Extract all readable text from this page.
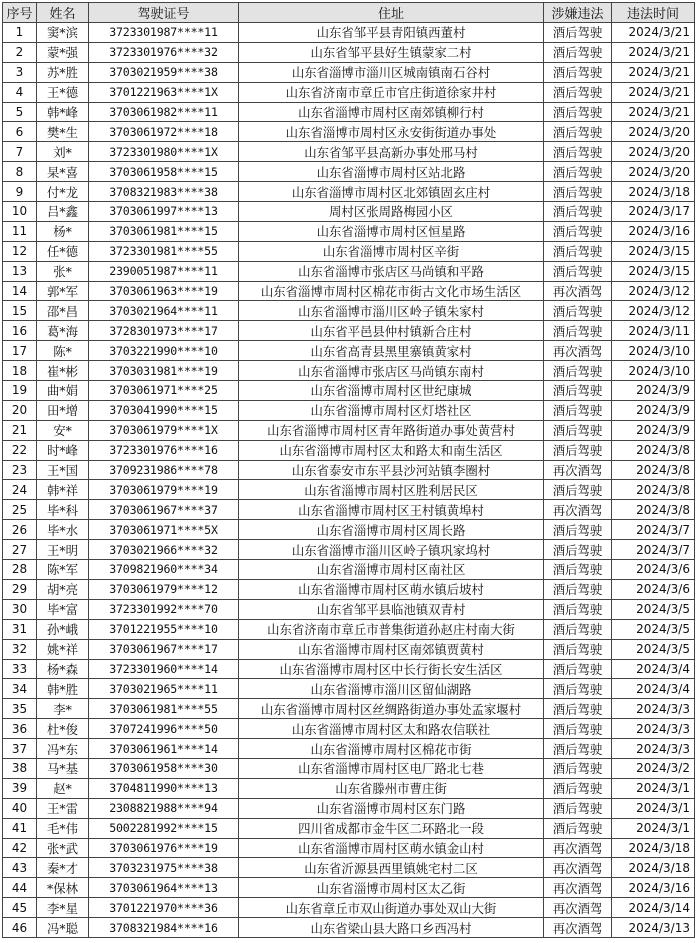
序号	姓名	驾驶证号	住址	涉嫌违法	违法时间
1	窦*滨	3723301987****11	山东省邹平县青阳镇西董村	酒后驾驶	2024/3/21
2	蒙*强	3723301976****32	山东省邹平县好生镇蒙家二村	酒后驾驶	2024/3/21
3	苏*胜	3703021959****38	山东省淄博市淄川区城南镇南石谷村	酒后驾驶	2024/3/21
4	王*德	3701221963****1X	山东省济南市章丘市官庄街道徐家井村	酒后驾驶	2024/3/21
5	韩*峰	3703061982****11	山东省淄博市周村区南郊镇柳行村	酒后驾驶	2024/3/21
6	樊*生	3703061972****18	山东省淄博市周村区永安街街道办事处	酒后驾驶	2024/3/20
7	刘*	3723301980****1X	山东省邹平县高新办事处邢马村	酒后驾驶	2024/3/20
8	杲*喜	3703061958****15	山东省淄博市周村区站北路	酒后驾驶	2024/3/20
9	付*龙	3708321983****38	山东省淄博市周村区北郊镇固玄庄村	酒后驾驶	2024/3/18
10	吕*鑫	3703061997****13	周村区张周路梅园小区	酒后驾驶	2024/3/17
11	杨*	3703061981****15	山东省淄博市周村区恒星路	酒后驾驶	2024/3/16
12	任*德	3723301981****55	山东省淄博市周村区辛街	酒后驾驶	2024/3/15
13	张*	2390051987****11	山东省淄博市张店区马尚镇和平路	酒后驾驶	2024/3/15
14	郭*军	3703061963****19	山东省淄博市周村区棉花市街古文化市场生活区	再次酒驾	2024/3/12
15	邵*昌	3703021964****11	山东省淄博市淄川区岭子镇朱家村	酒后驾驶	2024/3/12
16	葛*海	3728301973****17	山东省平邑县仲村镇新合庄村	酒后驾驶	2024/3/11
17	陈*	3703221990****10	山东省高青县黑里寨镇黄家村	再次酒驾	2024/3/10
18	崔*彬	3703031981****19	山东省淄博市张店区马尚镇东南村	酒后驾驶	2024/3/10
19	曲*娟	3703061971****25	山东省淄博市周村区世纪康城	酒后驾驶	2024/3/9
20	田*增	3703041990****15	山东省淄博市周村区灯塔社区	酒后驾驶	2024/3/9
21	安*	3703061979****1X	山东省淄博市周村区青年路街道办事处黄营村	酒后驾驶	2024/3/9
22	时*峰	3723301976****16	山东省淄博市周村区太和路太和南生活区	酒后驾驶	2024/3/8
23	王*国	3709231986****78	山东省泰安市东平县沙河站镇李圈村	再次酒驾	2024/3/8
24	韩*祥	3703061979****19	山东省淄博市周村区胜利居民区	酒后驾驶	2024/3/8
25	毕*科	3703061967****37	山东省淄博市周村区王村镇黄埠村	再次酒驾	2024/3/8
26	毕*水	3703061971****5X	山东省淄博市周村区周长路	酒后驾驶	2024/3/7
27	王*明	3703021966****32	山东省淄博市淄川区岭子镇巩家坞村	酒后驾驶	2024/3/7
28	陈*军	3709821960****34	山东省淄博市周村区南社区	酒后驾驶	2024/3/6
29	胡*亮	3703061979****12	山东省淄博市周村区萌水镇后坡村	酒后驾驶	2024/3/6
30	毕*富	3723301992****70	山东省邹平县临池镇双青村	酒后驾驶	2024/3/5
31	孙*峨	3701221955****10	山东省济南市章丘市普集街道孙赵庄村南大街	酒后驾驶	2024/3/5
32	姚*祥	3703061967****17	山东省淄博市周村区南郊镇贾黄村	酒后驾驶	2024/3/5
33	杨*森	3723301960****14	山东省淄博市周村区中长行街长安生活区	酒后驾驶	2024/3/4
34	韩*胜	3703021965****11	山东省淄博市淄川区留仙湖路	酒后驾驶	2024/3/4
35	李*	3703061981****55	山东省淄博市周村区丝绸路街道办事处孟家堰村	酒后驾驶	2024/3/3
36	杜*俊	3707241996****50	山东省淄博市周村区太和路农信联社	酒后驾驶	2024/3/3
37	冯*东	3703061961****14	山东省淄博市周村区棉花市街	酒后驾驶	2024/3/3
38	马*基	3703061958****30	山东省淄博市周村区电厂路北七巷	酒后驾驶	2024/3/2
39	赵*	3704811990****13	山东省滕州市曹庄街	酒后驾驶	2024/3/1
40	王*雷	2308821988****94	山东省淄博市周村区东门路	酒后驾驶	2024/3/1
41	毛*伟	5002281992****15	四川省成都市金牛区二环路北一段	酒后驾驶	2024/3/1
42	张*武	3703061976****19	山东省淄博市周村区萌水镇金山村	再次酒驾	2024/3/18
43	秦*才	3703231975****38	山东省沂源县西里镇姚宅村二区	再次酒驾	2024/3/18
44	*保林	3703061964****13	山东省淄博市周村区太乙街	再次酒驾	2024/3/16
45	李*星	3701221970****36	山东省章丘市双山街道办事处双山大街	再次酒驾	2024/3/14
46	冯*聪	3708321984****16	山东省梁山县大路口乡西冯村	再次酒驾	2024/3/13
